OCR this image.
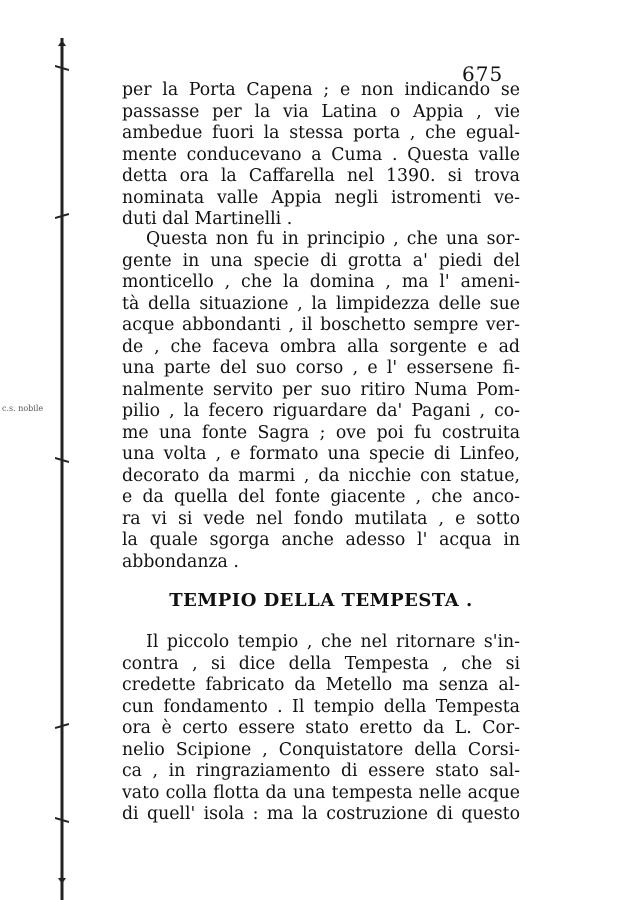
675
c.s. nobile
per la Porta Capena ; e non indicando se
passasse per la via Latina o Appia , vie
ambedue fuori la stessa porta , che egual-
mente conducevano a Cuma . Questa valle
detta ora la Caffarella nel 1390. si trova
nominata valle Appia negli istromenti ve-
duti dal Martinelli .
Questa non fu in principio , che una sor-
gente in una specie di grotta a' piedi del
monticello , che la domina , ma l' ameni-
tà della situazione , la limpidezza delle sue
acque abbondanti , il boschetto sempre ver-
de , che faceva ombra alla sorgente e ad
una parte del suo corso , e l' essersene fi-
nalmente servito per suo ritiro Numa Pom-
pilio , la fecero riguardare da' Pagani , co-
me una fonte Sagra ; ove poi fu costruita
una volta , e formato una specie di Linfeo,
decorato da marmi , da nicchie con statue,
e da quella del fonte giacente , che anco-
ra vi si vede nel fondo mutilata , e sotto
la quale sgorga anche adesso l' acqua in
abbondanza .
TEMPIO DELLA TEMPESTA .
Il piccolo tempio , che nel ritornare s'in-
contra , si dice della Tempesta , che si
credette fabricato da Metello ma senza al-
cun fondamento . Il tempio della Tempesta
ora è certo essere stato eretto da L. Cor-
nelio Scipione , Conquistatore della Corsi-
ca , in ringraziamento di essere stato sal-
vato colla flotta da una tempesta nelle acque
di quell' isola : ma la costruzione di questo
